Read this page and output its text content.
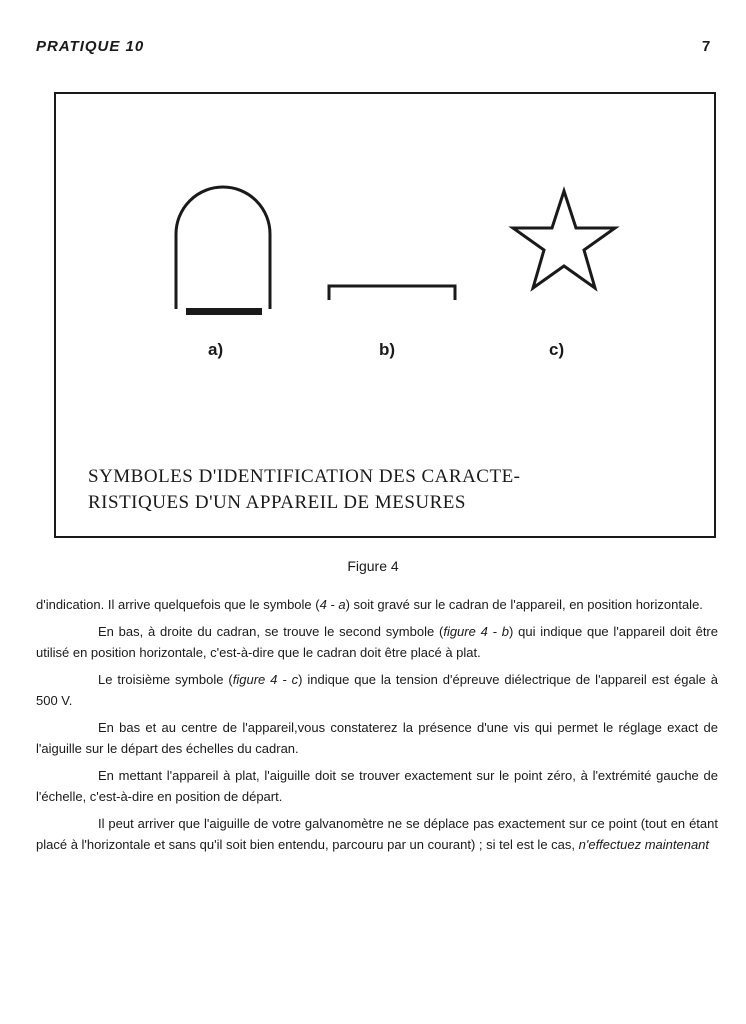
PRATIQUE 10	7
a)	b)	c)
SYMBOLES D'IDENTIFICATION DES CARACTE-
RISTIQUES D'UN APPAREIL DE MESURES
Figure 4

d'indication. Il arrive quelquefois que le symbole (4 - a) soit gravé sur le cadran de l'appareil, en position horizontale.

En bas, à droite du cadran, se trouve le second symbole (figure 4 - b) qui indique que l'appareil doit être utilisé en position horizontale, c'est-à-dire que le cadran doit être placé à plat.

Le troisième symbole (figure 4 - c) indique que la tension d'épreuve diélectrique de l'appareil est égale à 500 V.

En bas et au centre de l'appareil,vous constaterez la présence d'une vis qui permet le réglage exact de l'aiguille sur le départ des échelles du cadran.

En mettant l'appareil à plat, l'aiguille doit se trouver exactement sur le point zéro, à l'extrémité gauche de l'échelle, c'est-à-dire en position de départ.

Il peut arriver que l'aiguille de votre galvanomètre ne se déplace pas exactement sur ce point (tout en étant placé à l'horizontale et sans qu'il soit bien entendu, parcouru par un courant) ; si tel est le cas, n'effectuez maintenant
